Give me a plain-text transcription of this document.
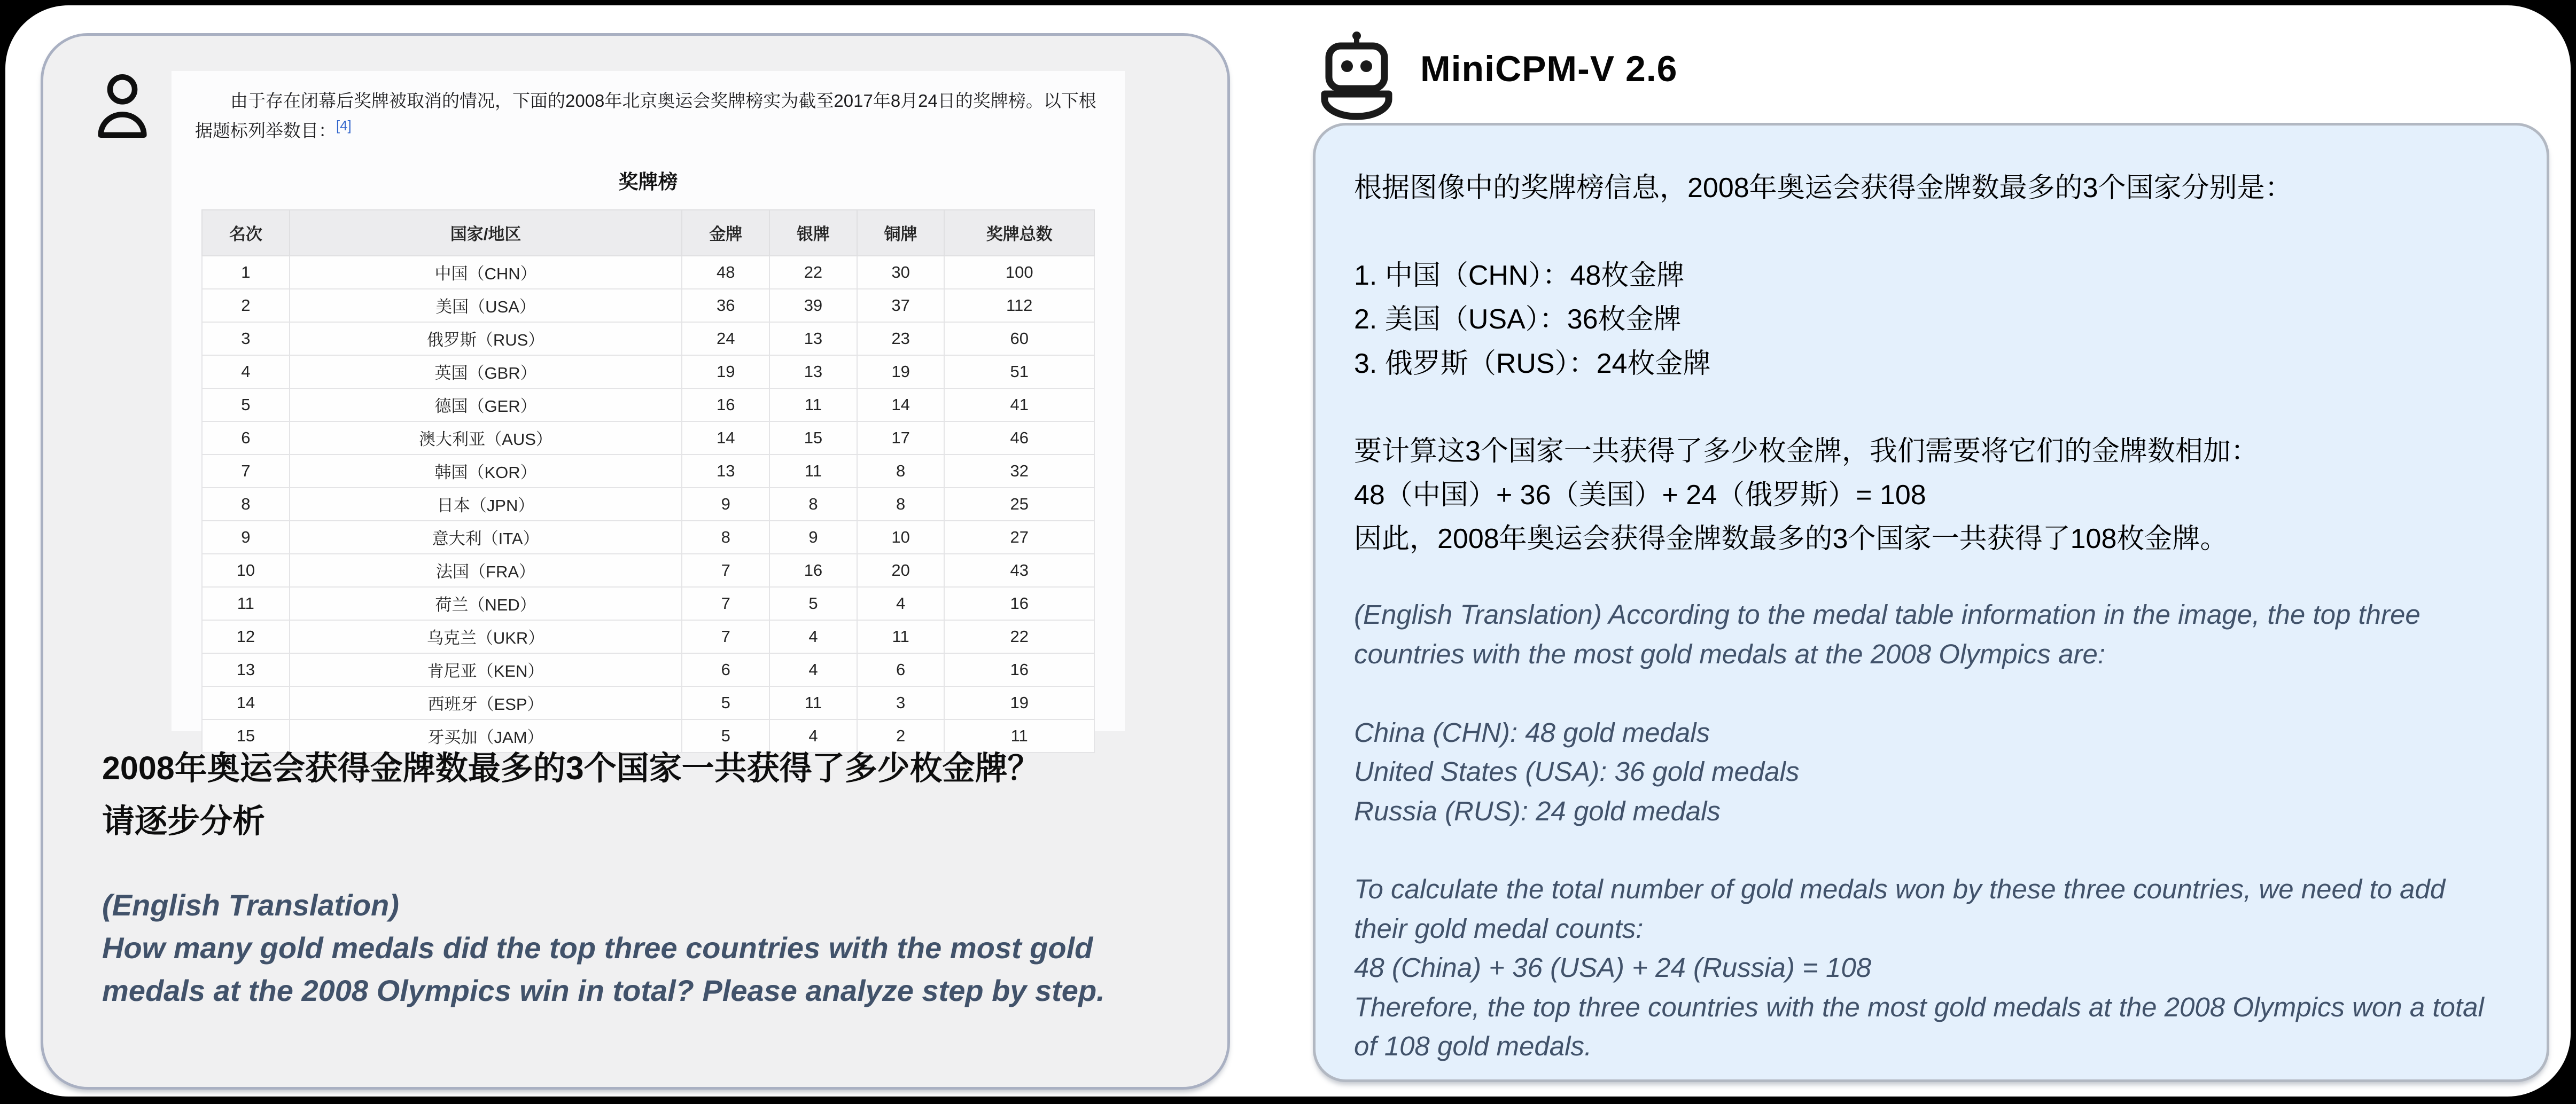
由于存在闭幕后奖牌被取消的情况，下面的2008年北京奥运会奖牌榜实为截至2017年8月24日的奖牌榜。以下根据题标列举数目：[4]
奖牌榜
名次	国家/地区	金牌	银牌	铜牌	奖牌总数
1	中国（CHN）	48	22	30	100
2	美国（USA）	36	39	37	112
3	俄罗斯（RUS）	24	13	23	60
4	英国（GBR）	19	13	19	51
5	德国（GER）	16	11	14	41
6	澳大利亚（AUS）	14	15	17	46
7	韩国（KOR）	13	11	8	32
8	日本（JPN）	9	8	8	25
9	意大利（ITA）	8	9	10	27
10	法国（FRA）	7	16	20	43
11	荷兰（NED）	7	5	4	16
12	乌克兰（UKR）	7	4	11	22
13	肯尼亚（KEN）	6	4	6	16
14	西班牙（ESP）	5	11	3	19
15	牙买加（JAM）	5	4	2	11
2008年奥运会获得金牌数最多的3个国家一共获得了多少枚金牌？
请逐步分析
(English Translation)
How many gold medals did the top three countries with the most gold medals at the 2008 Olympics win in total? Please analyze step by step.
MiniCPM-V 2.6
根据图像中的奖牌榜信息，2008年奥运会获得金牌数最多的3个国家分别是：

1. 中国（CHN）：48枚金牌
2. 美国（USA）：36枚金牌
3. 俄罗斯（RUS）：24枚金牌

要计算这3个国家一共获得了多少枚金牌，我们需要将它们的金牌数相加：
48（中国）+ 36（美国）+ 24（俄罗斯）= 108
因此，2008年奥运会获得金牌数最多的3个国家一共获得了108枚金牌。
(English Translation) According to the medal table information in the image, the top three countries with the most gold medals at the 2008 Olympics are:

China (CHN): 48 gold medals
United States (USA): 36 gold medals
Russia (RUS): 24 gold medals

To calculate the total number of gold medals won by these three countries, we need to add their gold medal counts:
48 (China) + 36 (USA) + 24 (Russia) = 108
Therefore, the top three countries with the most gold medals at the 2008 Olympics won a total of 108 gold medals.
